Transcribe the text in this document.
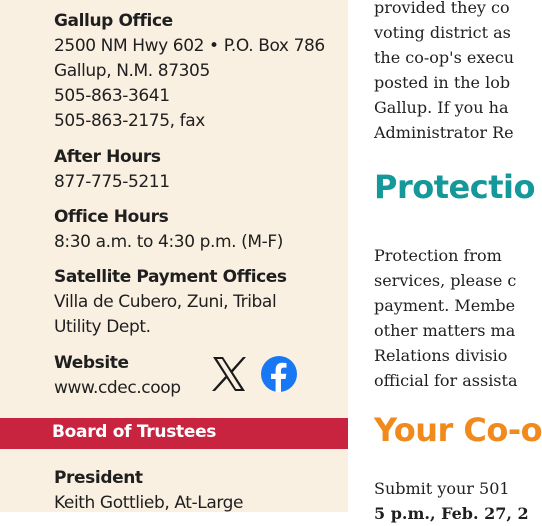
Gallup Office
2500 NM Hwy 602 • P.O. Box 786
Gallup, N.M. 87305
505-863-3641
505-863-2175, fax
After Hours
877-775-5211
Office Hours
8:30 a.m. to 4:30 p.m. (M-F)
Satellite Payment Offices
Villa de Cubero, Zuni, Tribal
Utility Dept.
Website
www.cdec.coop
Board of Trustees
President
Keith Gottlieb, At-Large
provided they co
voting district as
the co-op's execu
posted in the lob
Gallup. If you ha
Administrator Re
Protectio
Protection from
services, please c
payment. Membe
other matters ma
Relations divisio
official for assista
Your Co-o
Submit your 501
5 p.m., Feb. 27, 2
